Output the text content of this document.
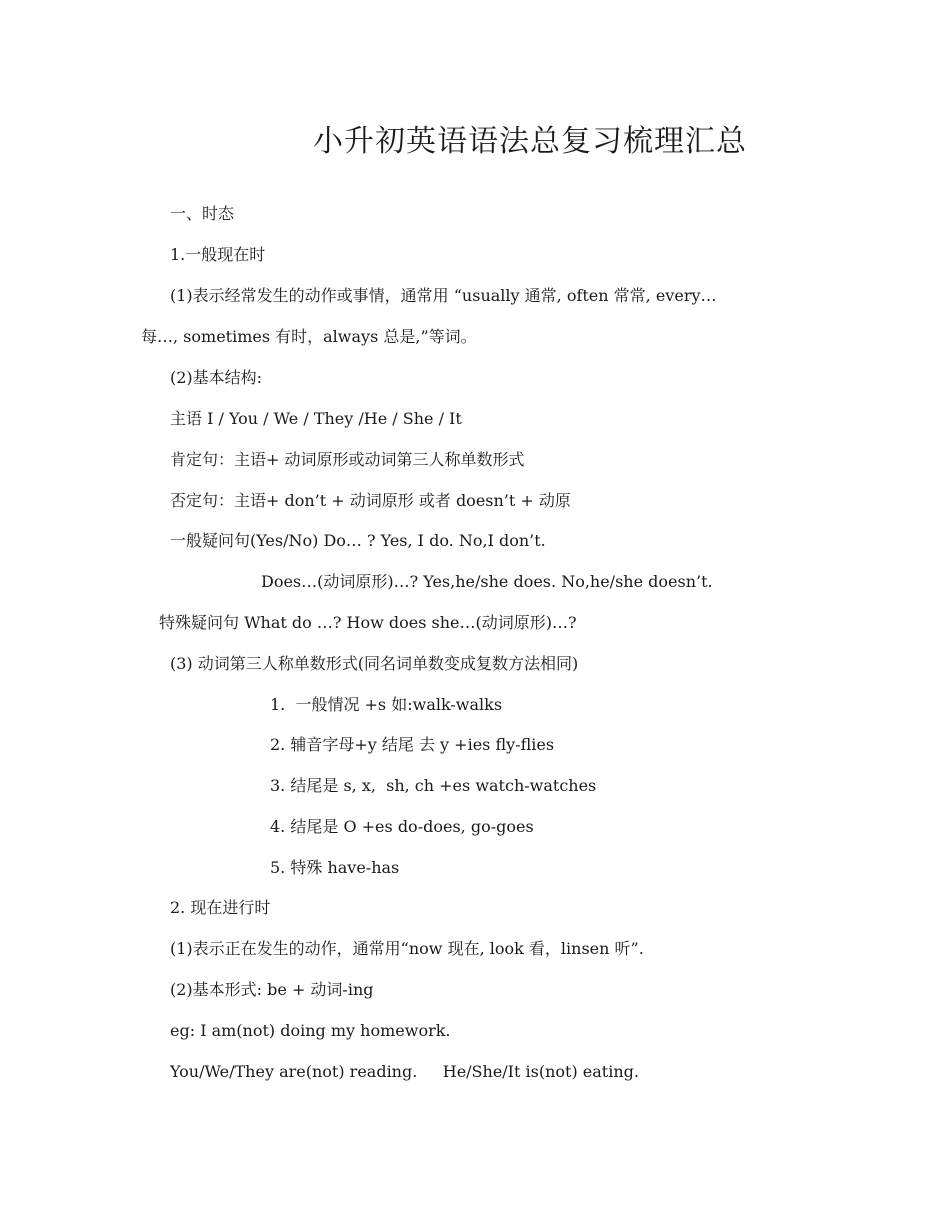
小升初英语语法总复习梳理汇总
一、时态
1.一般现在时
(1)表示经常发生的动作或事情，通常用 “usually 通常, often 常常, every…
每…, sometimes 有时，always 总是,”等词。
(2)基本结构:
主语 I / You / We / They /He / She / It
肯定句：主语+ 动词原形或动词第三人称单数形式
否定句：主语+ don’t + 动词原形 或者 doesn’t + 动原
一般疑问句(Yes/No) Do… ? Yes, I do. No,I don’t.
Does…(动词原形)…? Yes,he/she does. No,he/she doesn’t.
特殊疑问句 What do …? How does she…(动词原形)…?
(3) 动词第三人称单数形式(同名词单数变成复数方法相同)
1.  一般情况 +s 如:walk-walks
2. 辅音字母+y 结尾 去 y +ies fly-flies
3. 结尾是 s, x,  sh, ch +es watch-watches
4. 结尾是 O +es do-does, go-goes
5. 特殊 have-has
2. 现在进行时
(1)表示正在发生的动作，通常用“now 现在, look 看，linsen 听”.
(2)基本形式: be + 动词-ing
eg: I am(not) doing my homework.
You/We/They are(not) reading.     He/She/It is(not) eating.
